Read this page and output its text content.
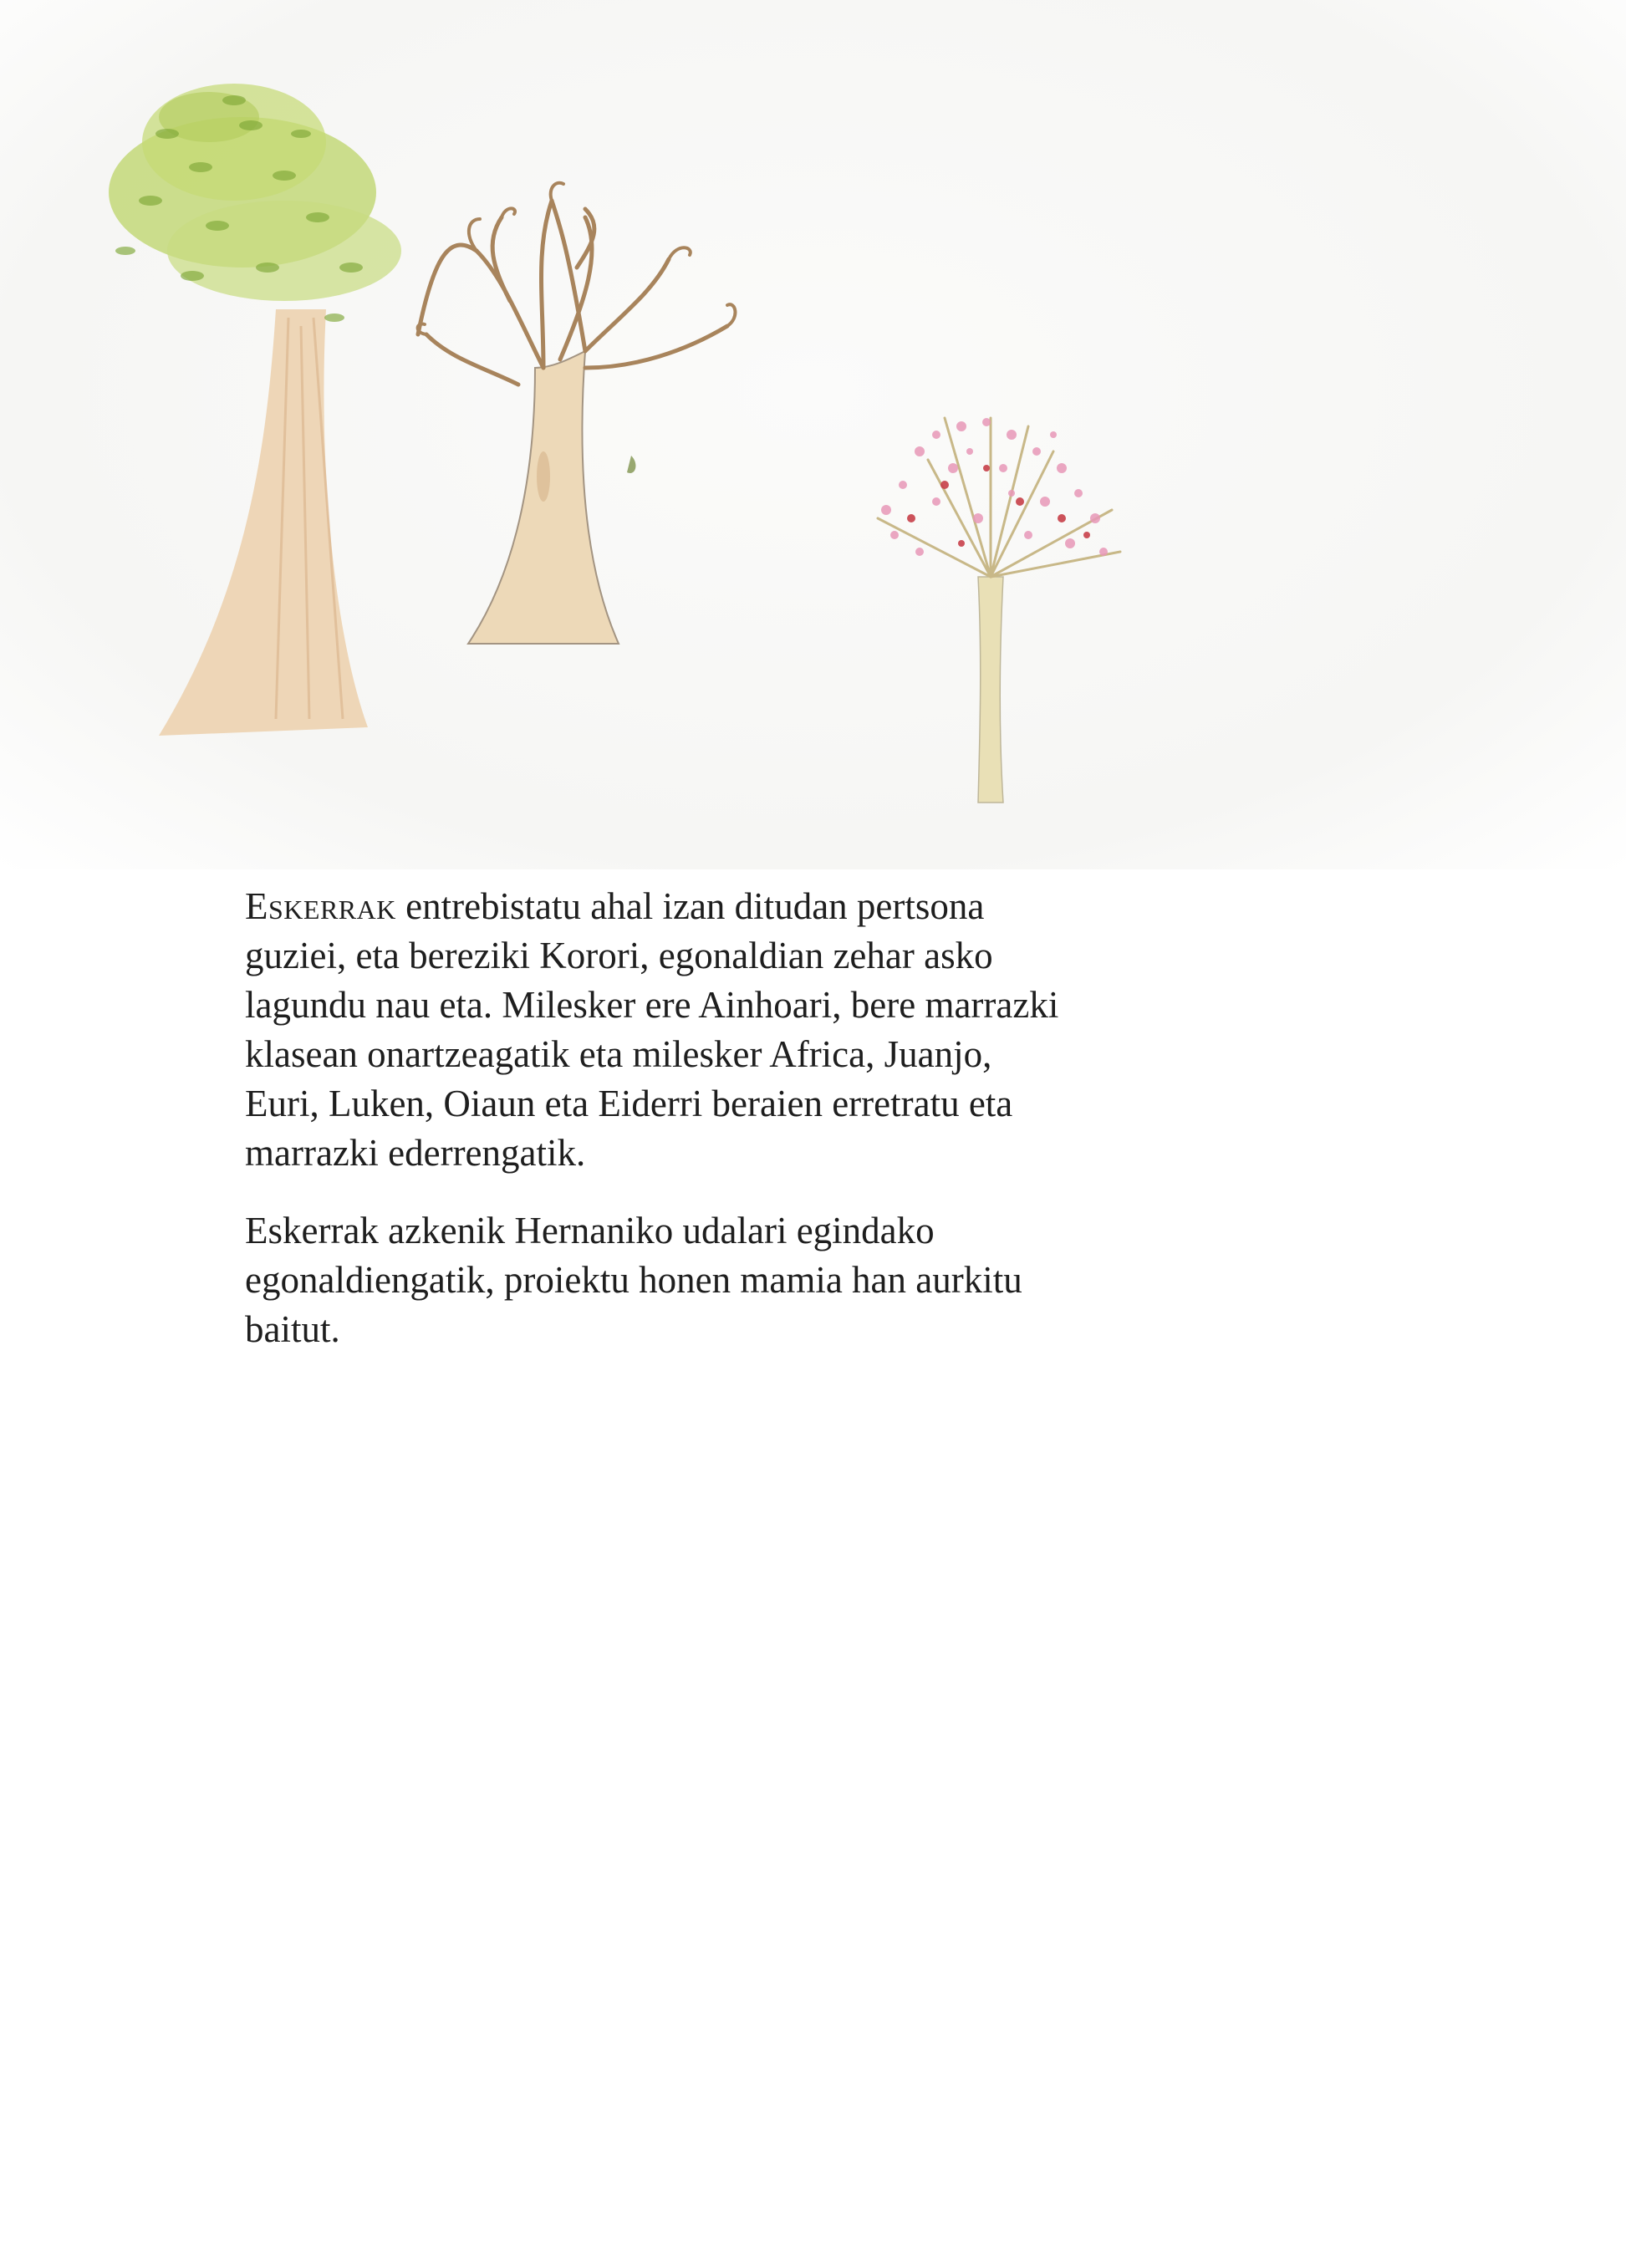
Eskerrak entrebistatu ahal izan ditudan pertsona guziei, eta bereziki Korori, egonaldian zehar asko lagundu nau eta. Milesker ere Ainhoari, bere marrazki klasean onartzeagatik eta milesker Africa, Juanjo, Euri, Luken, Oiaun eta Eiderri beraien erretratu eta marrazki ederrengatik.

Eskerrak azkenik Hernaniko udalari egindako egonaldiengatik, proiektu honen mamia han aurkitu baitut.
